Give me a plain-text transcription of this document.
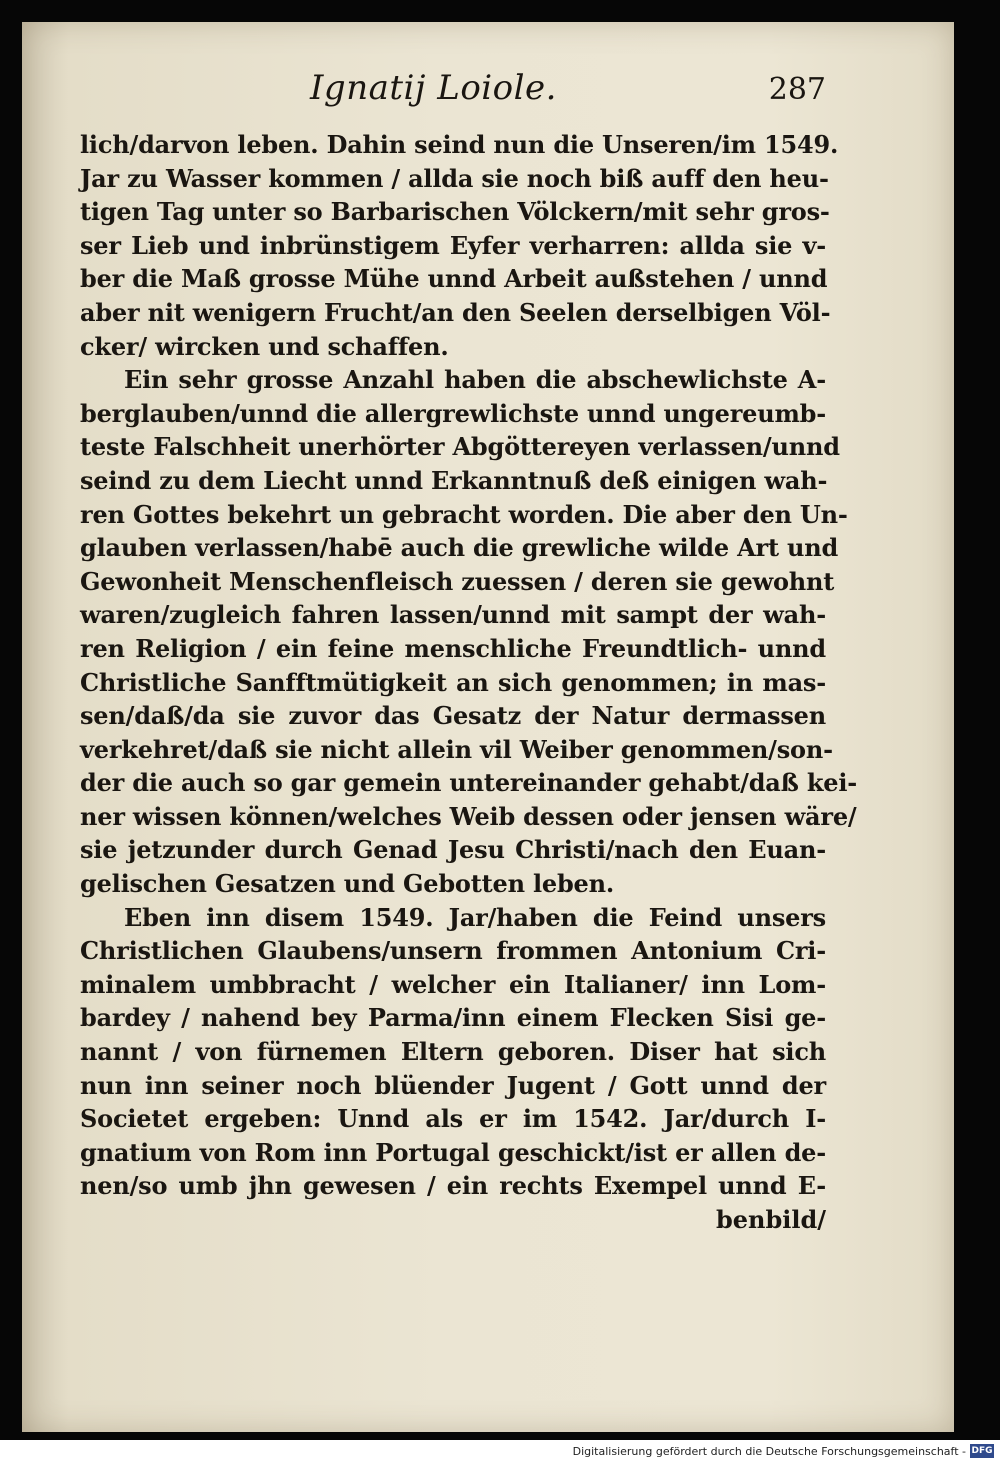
Ignatij Loiole.	287
lich/darvon leben. Dahin seind nun die Unseren/im 1549.
Jar zu Wasser kommen / allda sie noch biß auff den heu-
tigen Tag unter so Barbarischen Völckern/mit sehr gros-
ser Lieb und inbrünstigem Eyfer verharren: allda sie v-
ber die Maß grosse Mühe unnd Arbeit außstehen / unnd
aber nit wenigern Frucht/an den Seelen derselbigen Völ-
cker/ wircken und schaffen.
Ein sehr grosse Anzahl haben die abschewlichste A-
berglauben/unnd die allergrewlichste unnd ungereumb-
teste Falschheit unerhörter Abgöttereyen verlassen/unnd
seind zu dem Liecht unnd Erkanntnuß deß einigen wah-
ren Gottes bekehrt un gebracht worden. Die aber den Un-
glauben verlassen/habē auch die grewliche wilde Art und
Gewonheit Menschenfleisch zuessen / deren sie gewohnt
waren/zugleich fahren lassen/unnd mit sampt der wah-
ren Religion / ein feine menschliche Freundtlich- unnd
Christliche Sanfftmütigkeit an sich genommen; in mas-
sen/daß/da sie zuvor das Gesatz der Natur dermassen
verkehret/daß sie nicht allein vil Weiber genommen/son-
der die auch so gar gemein untereinander gehabt/daß kei-
ner wissen können/welches Weib dessen oder jensen wäre/
sie jetzunder durch Genad Jesu Christi/nach den Euan-
gelischen Gesatzen und Gebotten leben.
Eben inn disem 1549. Jar/haben die Feind unsers
Christlichen Glaubens/unsern frommen Antonium Cri-
minalem umbbracht / welcher ein Italianer/ inn Lom-
bardey / nahend bey Parma/inn einem Flecken Sisi ge-
nannt / von fürnemen Eltern geboren. Diser hat sich
nun inn seiner noch blüender Jugent / Gott unnd der
Societet ergeben: Unnd als er im 1542. Jar/durch I-
gnatium von Rom inn Portugal geschickt/ist er allen de-
nen/so umb jhn gewesen / ein rechts Exempel unnd E-
benbild/
Digitalisierung gefördert durch die Deutsche Forschungsgemeinschaft - DFG
